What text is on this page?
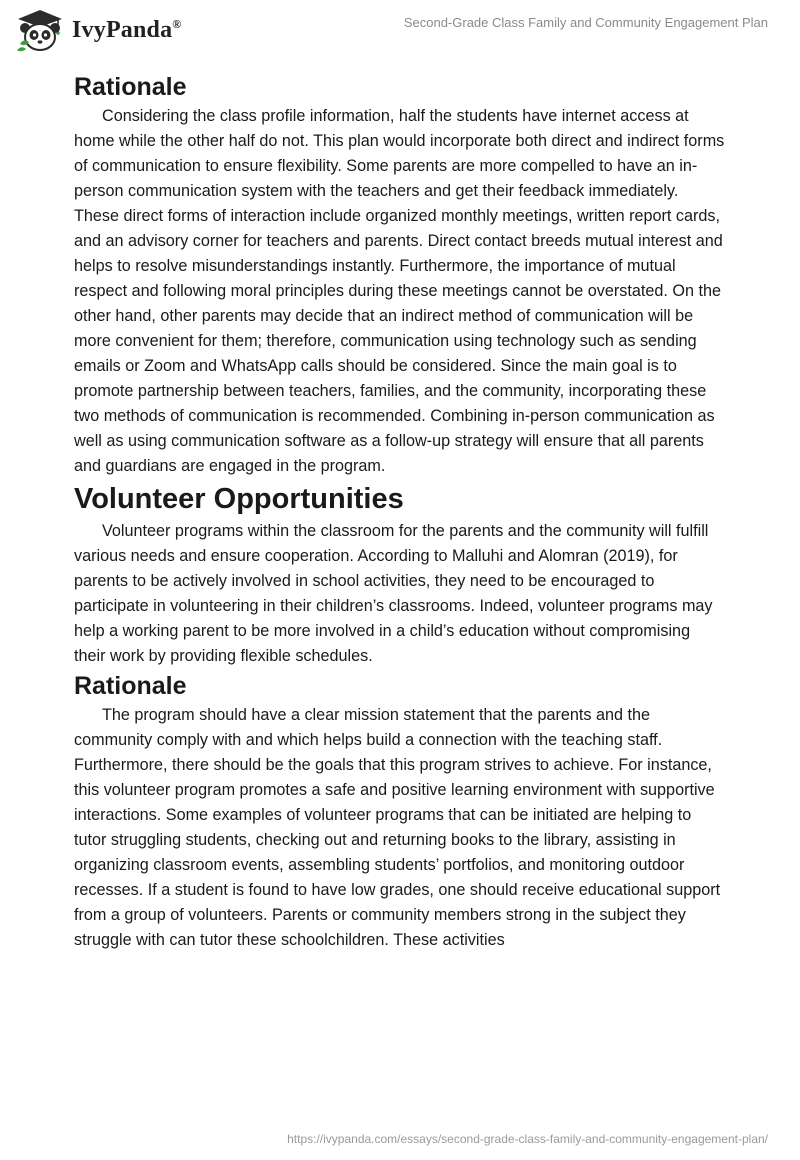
IvyPanda®	Second-Grade Class Family and Community Engagement Plan
Rationale

Considering the class profile information, half the students have internet access at home while the other half do not. This plan would incorporate both direct and indirect forms of communication to ensure flexibility. Some parents are more compelled to have an in-person communication system with the teachers and get their feedback immediately. These direct forms of interaction include organized monthly meetings, written report cards, and an advisory corner for teachers and parents. Direct contact breeds mutual interest and helps to resolve misunderstandings instantly. Furthermore, the importance of mutual respect and following moral principles during these meetings cannot be overstated. On the other hand, other parents may decide that an indirect method of communication will be more convenient for them; therefore, communication using technology such as sending emails or Zoom and WhatsApp calls should be considered. Since the main goal is to promote partnership between teachers, families, and the community, incorporating these two methods of communication is recommended. Combining in-person communication as well as using communication software as a follow-up strategy will ensure that all parents and guardians are engaged in the program.

Volunteer Opportunities

Volunteer programs within the classroom for the parents and the community will fulfill various needs and ensure cooperation. According to Malluhi and Alomran (2019), for parents to be actively involved in school activities, they need to be encouraged to participate in volunteering in their children’s classrooms. Indeed, volunteer programs may help a working parent to be more involved in a child’s education without compromising their work by providing flexible schedules.

Rationale

The program should have a clear mission statement that the parents and the community comply with and which helps build a connection with the teaching staff. Furthermore, there should be the goals that this program strives to achieve. For instance, this volunteer program promotes a safe and positive learning environment with supportive interactions. Some examples of volunteer programs that can be initiated are helping to tutor struggling students, checking out and returning books to the library, assisting in organizing classroom events, assembling students’ portfolios, and monitoring outdoor recesses. If a student is found to have low grades, one should receive educational support from a group of volunteers. Parents or community members strong in the subject they struggle with can tutor these schoolchildren. These activities

https://ivypanda.com/essays/second-grade-class-family-and-community-engagement-plan/
